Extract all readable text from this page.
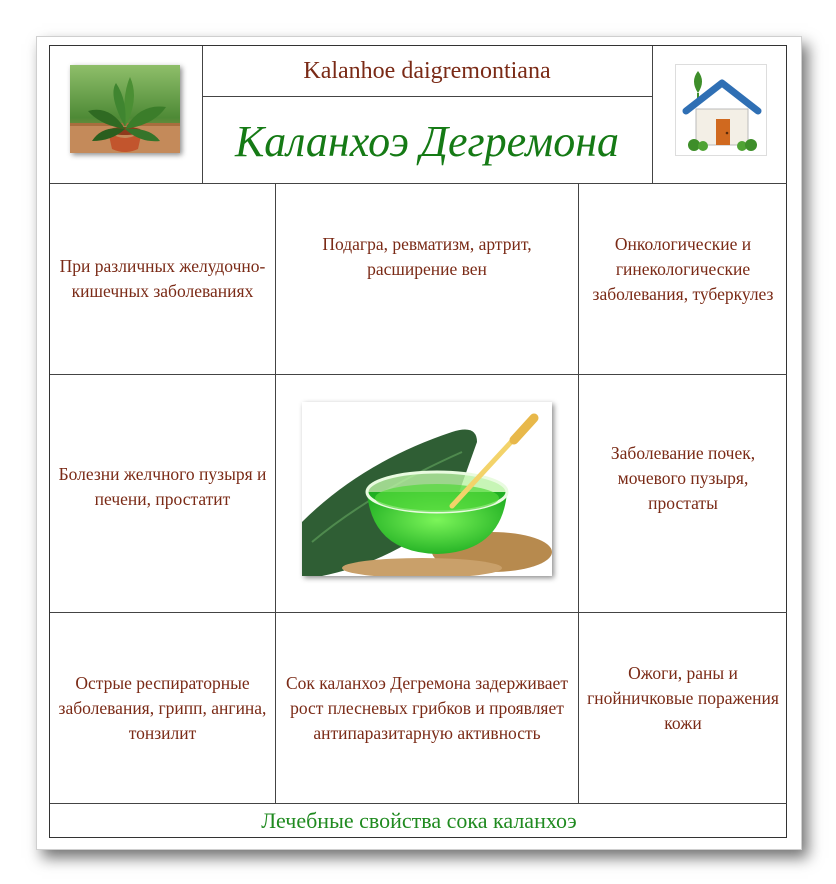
Kalanhoe daigremontiana
Каланхоэ Дегремона
При различных желудочно-кишечных заболеваниях
Подагра, ревматизм, артрит, расширение вен
Онкологические и гинекологические заболевания, туберкулез
Болезни желчного пузыря и печени, простатит
Заболевание почек, мочевого пузыря, простаты
Острые респираторные заболевания, грипп, ангина, тонзилит
Сок каланхоэ Дегремона задерживает рост плесневых грибков и проявляет антипаразитарную активность
Ожоги, раны и гнойничковые поражения кожи
Лечебные свойства сока каланхоэ
